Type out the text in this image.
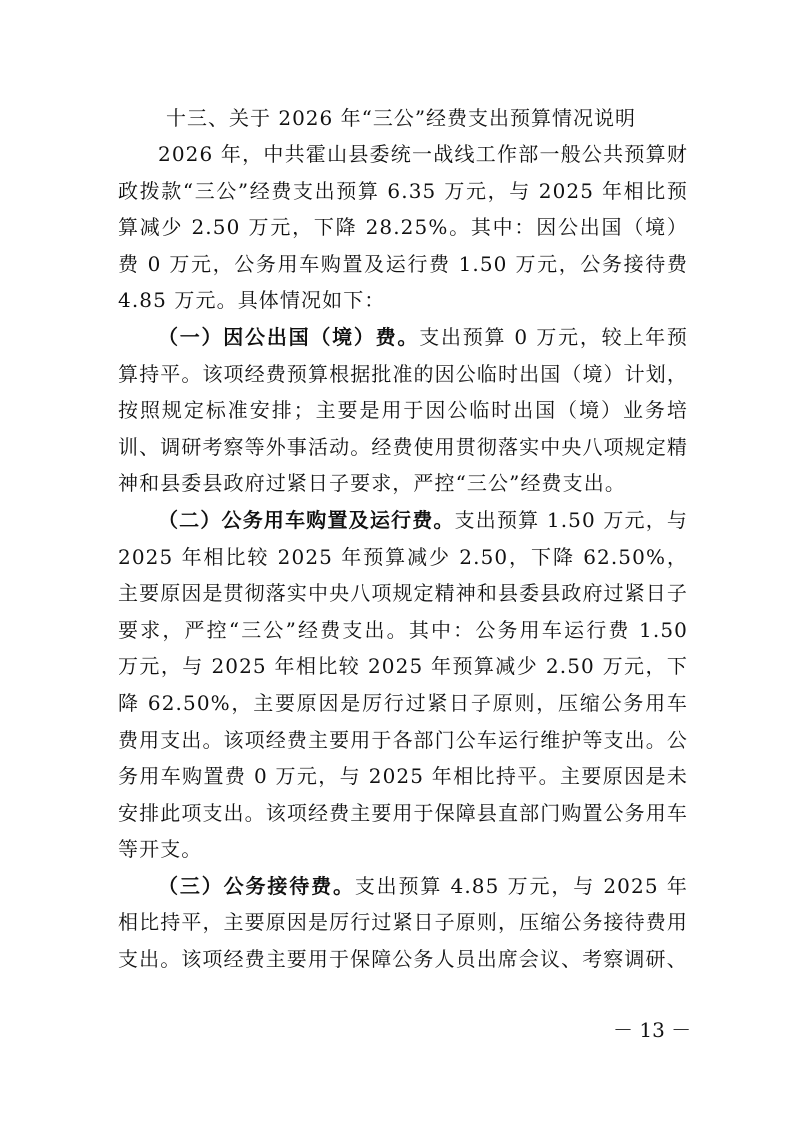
十三、关于 2026 年“三公”经费支出预算情况说明

2026 年，中共霍山县委统一战线工作部一般公共预算财政拨款“三公”经费支出预算 6.35 万元，与 2025 年相比预算减少 2.50 万元，下降 28.25%。其中：因公出国（境）费 0 万元，公务用车购置及运行费 1.50 万元，公务接待费 4.85 万元。具体情况如下：

（一）因公出国（境）费。支出预算 0 万元，较上年预算持平。该项经费预算根据批准的因公临时出国（境）计划，按照规定标准安排；主要是用于因公临时出国（境）业务培训、调研考察等外事活动。经费使用贯彻落实中央八项规定精神和县委县政府过紧日子要求，严控“三公”经费支出。

（二）公务用车购置及运行费。支出预算 1.50 万元，与 2025 年相比较 2025 年预算减少 2.50，下降 62.50%，主要原因是贯彻落实中央八项规定精神和县委县政府过紧日子要求，严控“三公”经费支出。其中：公务用车运行费 1.50 万元，与 2025 年相比较 2025 年预算减少 2.50 万元，下降 62.50%，主要原因是厉行过紧日子原则，压缩公务用车费用支出。该项经费主要用于各部门公车运行维护等支出。公务用车购置费 0 万元，与 2025 年相比持平。主要原因是未安排此项支出。该项经费主要用于保障县直部门购置公务用车等开支。

（三）公务接待费。支出预算 4.85 万元，与 2025 年相比持平，主要原因是厉行过紧日子原则，压缩公务接待费用支出。该项经费主要用于保障公务人员出席会议、考察调研、

－ 13 －
